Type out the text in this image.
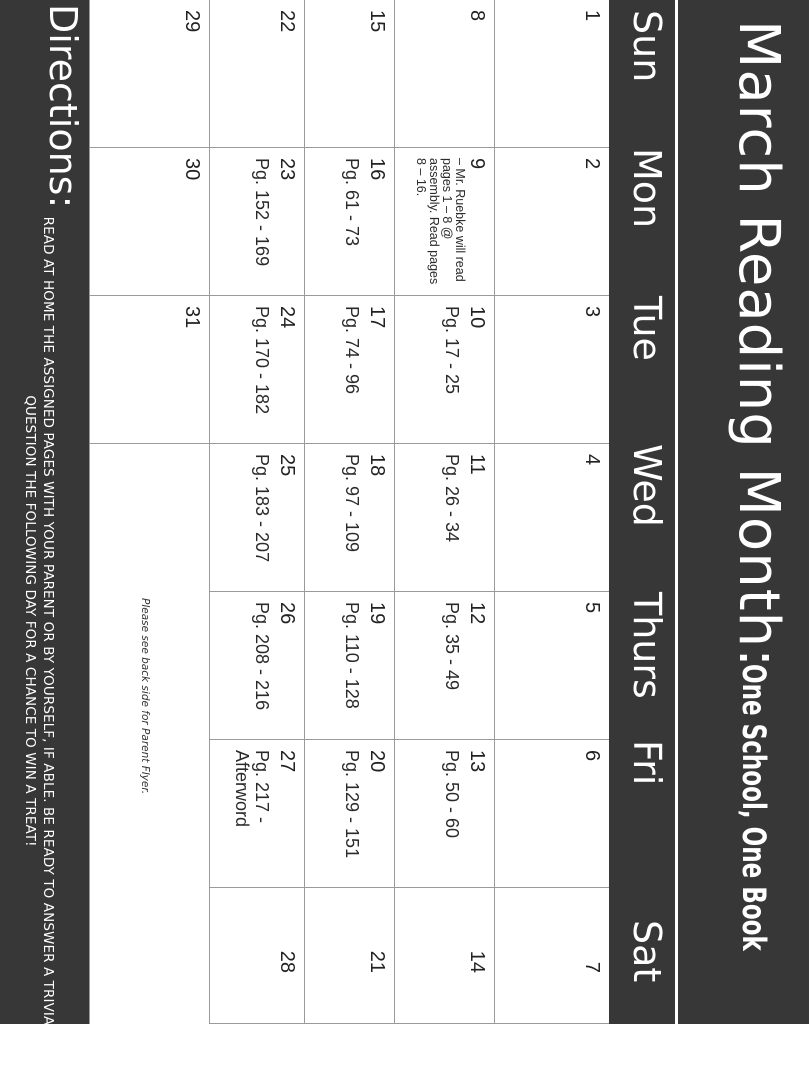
March Reading Month:
One School, One Book
Sun
Mon
Tue
Wed
Thurs
Fri
Sat
1
2
3
4
5
6
7
8
9
– Mr. Ruebke will read pages 1 – 8 @ assembly. Read pages 8 – 16.
10
Pg. 17 - 25
11
Pg. 26 - 34
12
Pg. 35 - 49
13
Pg. 50 - 60
14
15
16
Pg. 61 - 73
17
Pg. 74 - 96
18
Pg. 97 - 109
19
Pg. 110 - 128
20
Pg. 129 - 151
21
22
23
Pg. 152 - 169
24
Pg. 170 - 182
25
Pg. 183 - 207
26
Pg. 208 - 216
27
Pg. 217 - Afterword
28
29
30
31
Please see back side for Parent Flyer.
Directions:
READ AT HOME THE ASSIGNED PAGES WITH YOUR PARENT OR BY YOURSELF, IF ABLE. BE READY TO ANSWER A TRIVIA QUESTION THE FOLLOWING DAY FOR A CHANCE TO WIN A TREAT!
